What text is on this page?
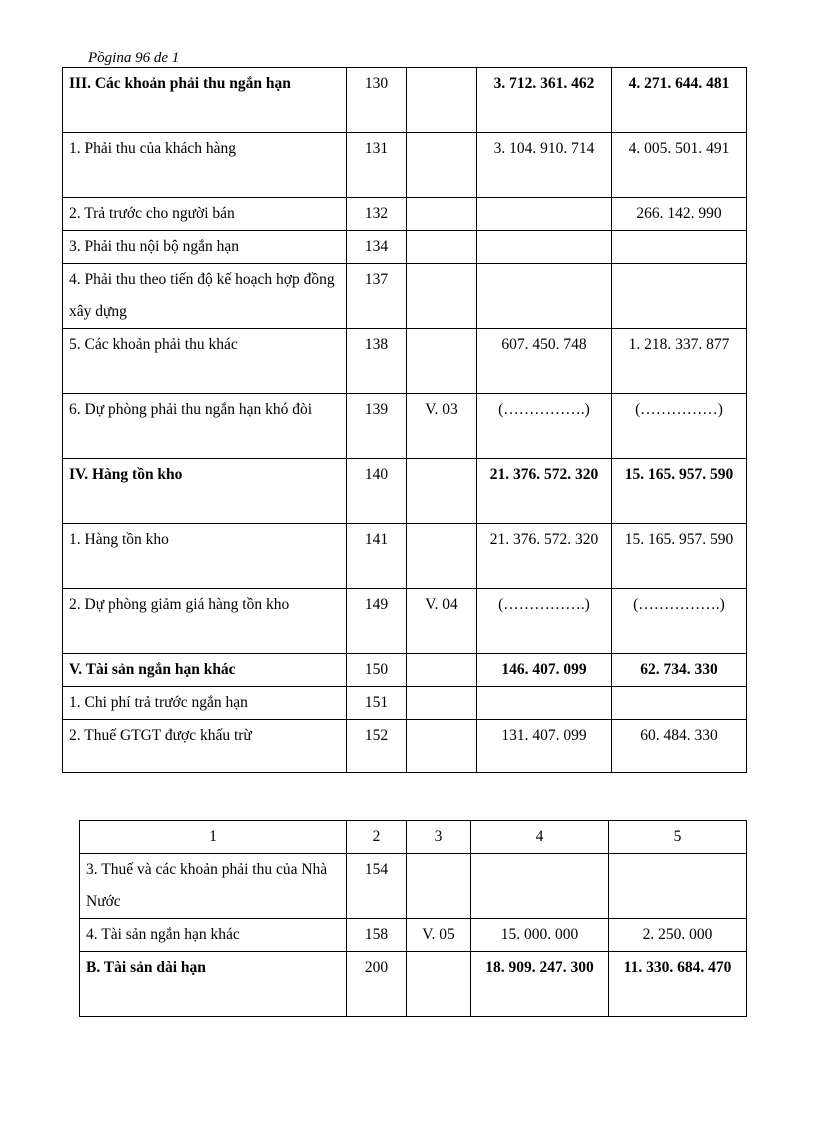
Pồgina 96 de 1
III. Các khoản phải thu ngắn hạn	130		3. 712. 361. 462	4. 271. 644. 481
1. Phải thu của khách hàng	131		3. 104. 910. 714	4. 005. 501. 491
2. Trả trước cho người bán	132			266. 142. 990
3. Phải thu nội bộ ngắn hạn	134			
4. Phải thu theo tiến độ kế hoạch hợp đồng xây dựng	137			
5. Các khoản phải thu khác	138		607. 450. 748	1. 218. 337. 877
6. Dự phòng phải thu ngắn hạn khó đòi	139	V. 03	(…………….)	(……………)
IV. Hàng tồn kho	140		21. 376. 572. 320	15. 165. 957. 590
1. Hàng tồn kho	141		21. 376. 572. 320	15. 165. 957. 590
2. Dự phòng giảm giá hàng tồn kho	149	V. 04	(…………….)	(…………….)
V. Tài sản ngắn hạn khác	150		146. 407. 099	62. 734. 330
1. Chi phí trả trước ngắn hạn	151			
2. Thuế GTGT được khấu trừ	152		131. 407. 099	60. 484. 330
1	2	3	4	5
3. Thuế và các khoản phải thu của Nhà Nước	154			
4. Tài sản ngắn hạn khác	158	V. 05	15. 000. 000	2. 250. 000
B. Tài sản dài hạn	200		18. 909. 247. 300	11. 330. 684. 470
